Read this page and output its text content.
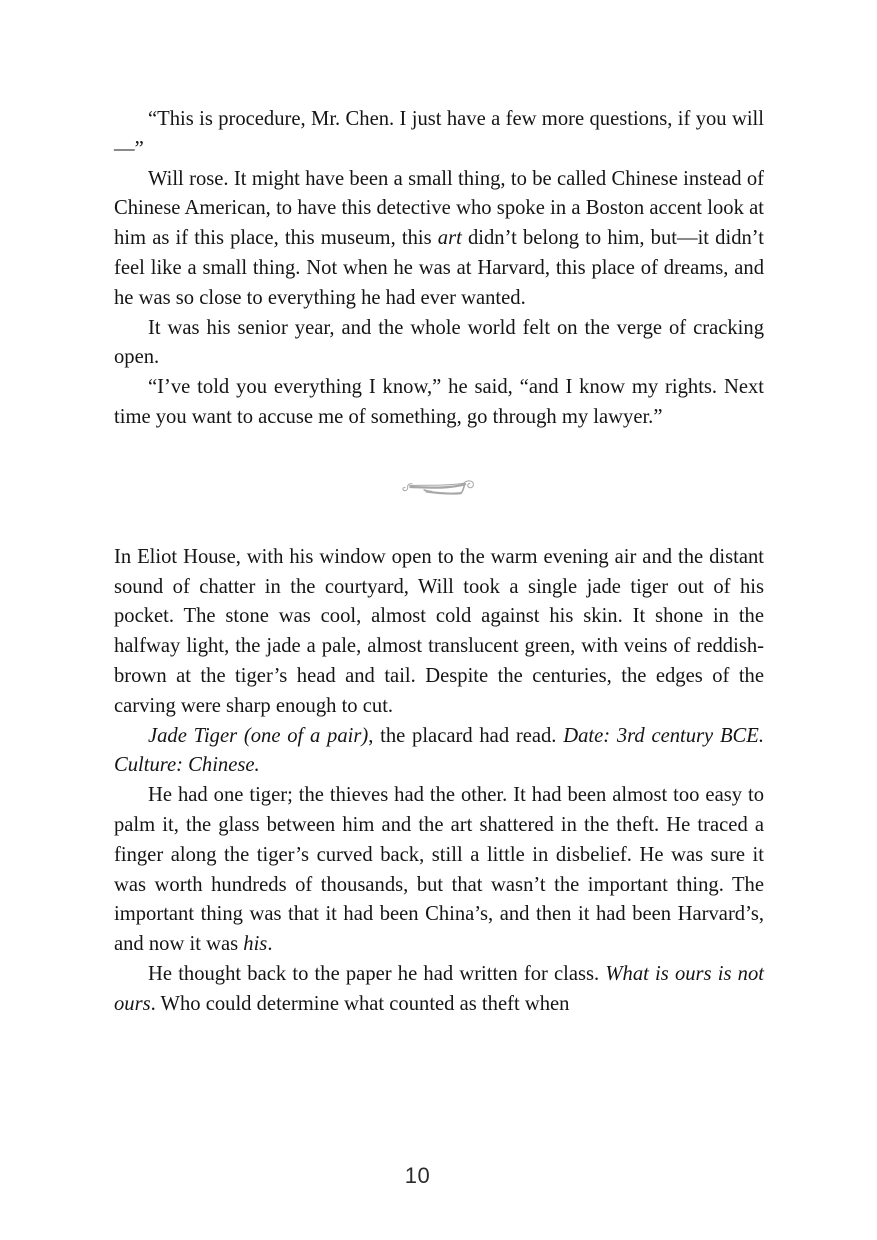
“This is procedure, Mr. Chen. I just have a few more questions, if you will—”

Will rose. It might have been a small thing, to be called Chinese instead of Chinese American, to have this detective who spoke in a Boston accent look at him as if this place, this museum, this art didn’t belong to him, but—it didn’t feel like a small thing. Not when he was at Harvard, this place of dreams, and he was so close to everything he had ever wanted.

It was his senior year, and the whole world felt on the verge of cracking open.

“I’ve told you everything I know,” he said, “and I know my rights. Next time you want to accuse me of something, go through my lawyer.”

In Eliot House, with his window open to the warm evening air and the distant sound of chatter in the courtyard, Will took a single jade tiger out of his pocket. The stone was cool, almost cold against his skin. It shone in the halfway light, the jade a pale, almost translucent green, with veins of reddish-brown at the tiger’s head and tail. Despite the centuries, the edges of the carving were sharp enough to cut.

Jade Tiger (one of a pair), the placard had read. Date: 3rd century BCE. Culture: Chinese.

He had one tiger; the thieves had the other. It had been almost too easy to palm it, the glass between him and the art shattered in the theft. He traced a finger along the tiger’s curved back, still a little in disbelief. He was sure it was worth hundreds of thousands, but that wasn’t the important thing. The important thing was that it had been China’s, and then it had been Harvard’s, and now it was his.

He thought back to the paper he had written for class. What is ours is not ours. Who could determine what counted as theft when

10
